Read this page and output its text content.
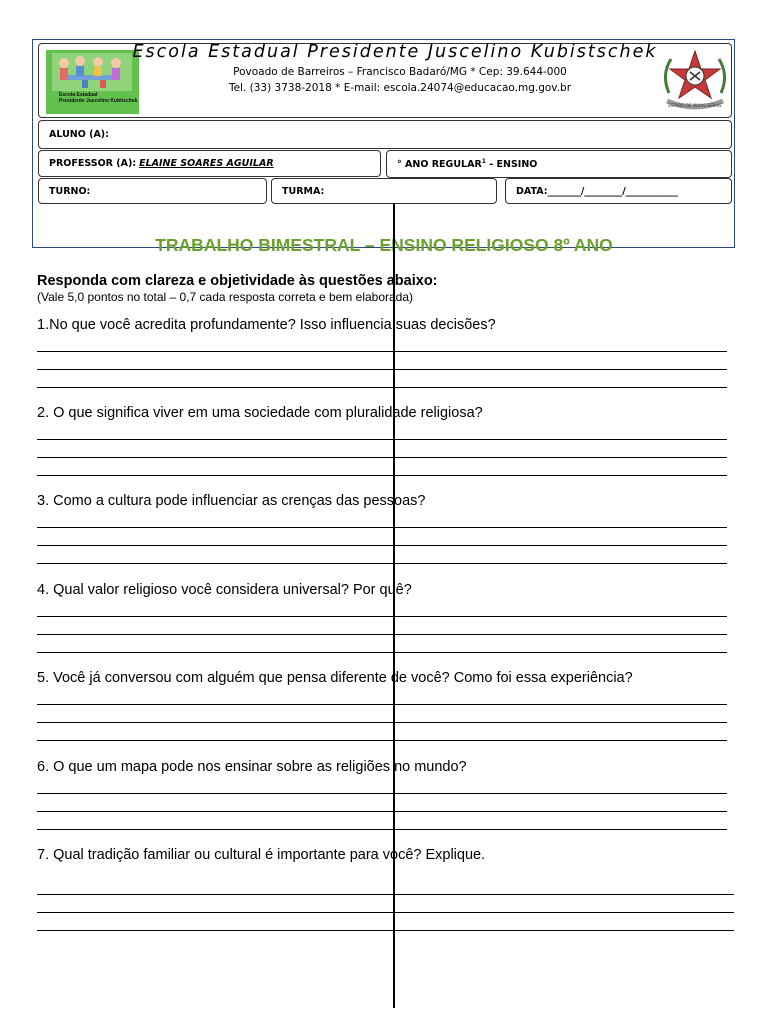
Escola Estadual
Presidente Juscelino Kubitschek
Escola Estadual Presidente Juscelino Kubistschek
Povoado de Barreiros – Francisco Badaró/MG * Cep: 39.644-000
Tel. (33) 3738-2018 * E-mail: escola.24074@educacao.mg.gov.br
ESTADO DE MINAS GERAIS
ALUNO (A):
PROFESSOR (A): ELAINE SOARES AGUILAR	° ANO REGULAR$^1$ - ENSINO
TURNO:	TURMA:	DATA:_______/________/___________
TRABALHO BIMESTRAL – ENSINO RELIGIOSO 8º ANO
Responda com clareza e objetividade às questões abaixo:
(Vale 5,0 pontos no total – 0,7 cada resposta correta e bem elaborada)
1.No que você acredita profundamente? Isso influencia suas decisões?
2. O que significa viver em uma sociedade com pluralidade religiosa?
3. Como a cultura pode influenciar as crenças das pessoas?
4. Qual valor religioso você considera universal? Por quê?
5. Você já conversou com alguém que pensa diferente de você? Como foi essa experiência?
6. O que um mapa pode nos ensinar sobre as religiões no mundo?
7. Qual tradição familiar ou cultural é importante para você? Explique.
